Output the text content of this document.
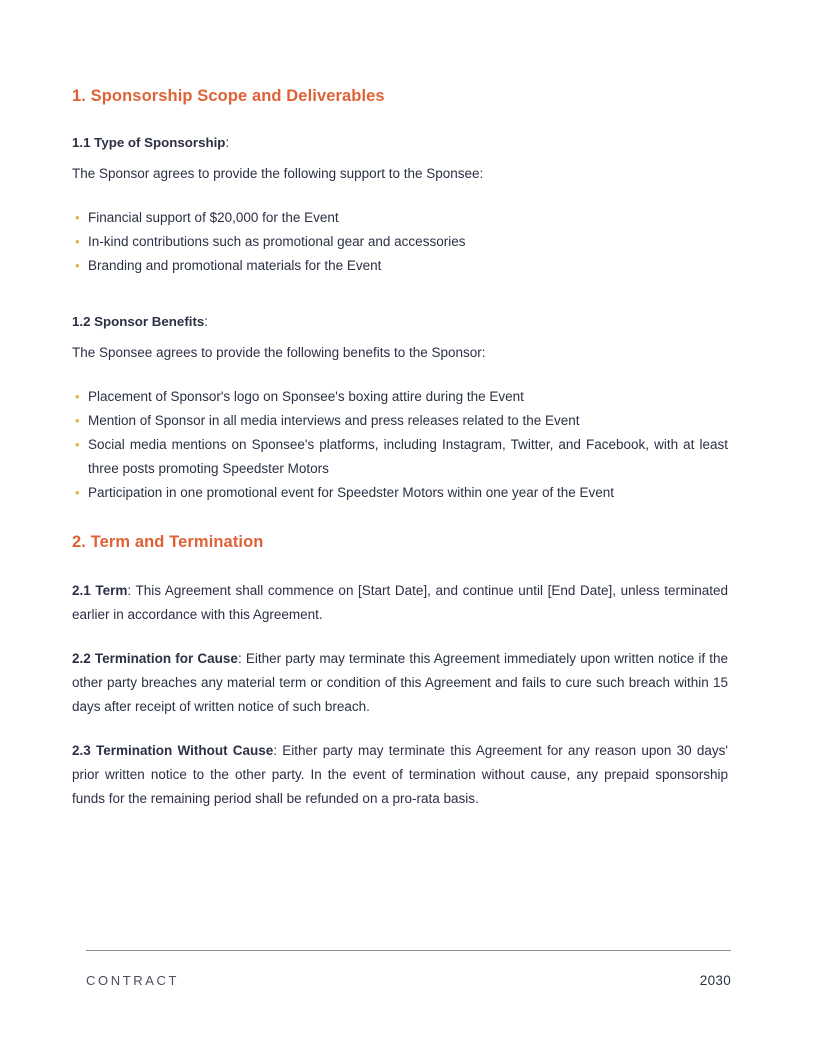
1. Sponsorship Scope and Deliverables

1.1 Type of Sponsorship:

The Sponsor agrees to provide the following support to the Sponsee:

• Financial support of $20,000 for the Event
• In-kind contributions such as promotional gear and accessories
• Branding and promotional materials for the Event

1.2 Sponsor Benefits:

The Sponsee agrees to provide the following benefits to the Sponsor:

• Placement of Sponsor's logo on Sponsee's boxing attire during the Event
• Mention of Sponsor in all media interviews and press releases related to the Event
• Social media mentions on Sponsee's platforms, including Instagram, Twitter, and Facebook, with at least three posts promoting Speedster Motors
• Participation in one promotional event for Speedster Motors within one year of the Event
2. Term and Termination

2.1 Term: This Agreement shall commence on [Start Date], and continue until [End Date], unless terminated earlier in accordance with this Agreement.

2.2 Termination for Cause: Either party may terminate this Agreement immediately upon written notice if the other party breaches any material term or condition of this Agreement and fails to cure such breach within 15 days after receipt of written notice of such breach.

2.3 Termination Without Cause: Either party may terminate this Agreement for any reason upon 30 days' prior written notice to the other party. In the event of termination without cause, any prepaid sponsorship funds for the remaining period shall be refunded on a pro-rata basis.

CONTRACT	2030
